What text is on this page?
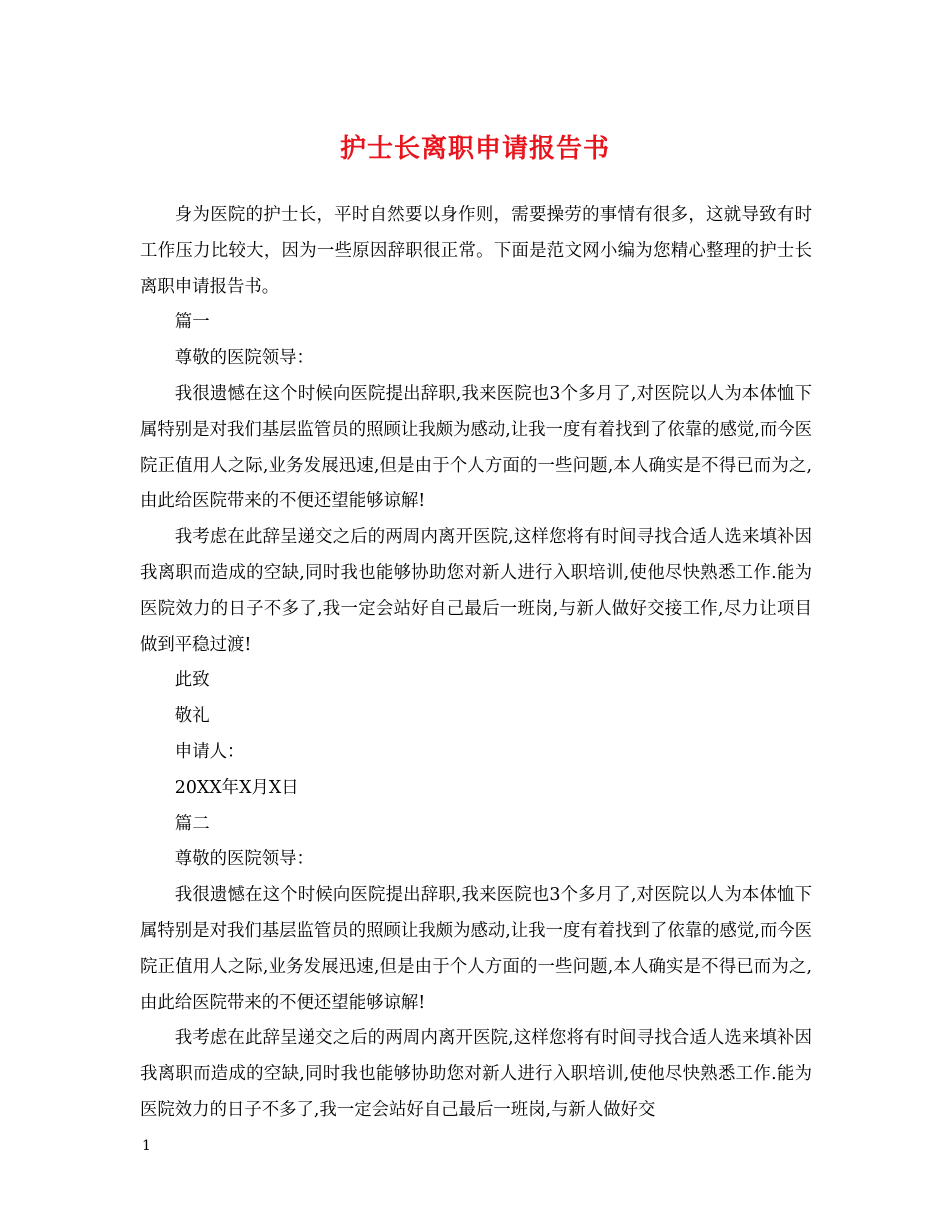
护士长离职申请报告书

身为医院的护士长，平时自然要以身作则，需要操劳的事情有很多，这就导致有时工作压力比较大，因为一些原因辞职很正常。下面是范文网小编为您精心整理的护士长离职申请报告书。

篇一

尊敬的医院领导：

我很遗憾在这个时候向医院提出辞职,我来医院也3个多月了,对医院以人为本体恤下属特别是对我们基层监管员的照顾让我颇为感动,让我一度有着找到了依靠的感觉,而今医院正值用人之际,业务发展迅速,但是由于个人方面的一些问题,本人确实是不得已而为之,由此给医院带来的不便还望能够谅解!

我考虑在此辞呈递交之后的两周内离开医院,这样您将有时间寻找合适人选来填补因我离职而造成的空缺,同时我也能够协助您对新人进行入职培训,使他尽快熟悉工作.能为医院效力的日子不多了,我一定会站好自己最后一班岗,与新人做好交接工作,尽力让项目做到平稳过渡!

此致

敬礼

申请人：

20XX年X月X日

篇二

尊敬的医院领导：

我很遗憾在这个时候向医院提出辞职,我来医院也3个多月了,对医院以人为本体恤下属特别是对我们基层监管员的照顾让我颇为感动,让我一度有着找到了依靠的感觉,而今医院正值用人之际,业务发展迅速,但是由于个人方面的一些问题,本人确实是不得已而为之,由此给医院带来的不便还望能够谅解!

我考虑在此辞呈递交之后的两周内离开医院,这样您将有时间寻找合适人选来填补因我离职而造成的空缺,同时我也能够协助您对新人进行入职培训,使他尽快熟悉工作.能为医院效力的日子不多了,我一定会站好自己最后一班岗,与新人做好交

1
